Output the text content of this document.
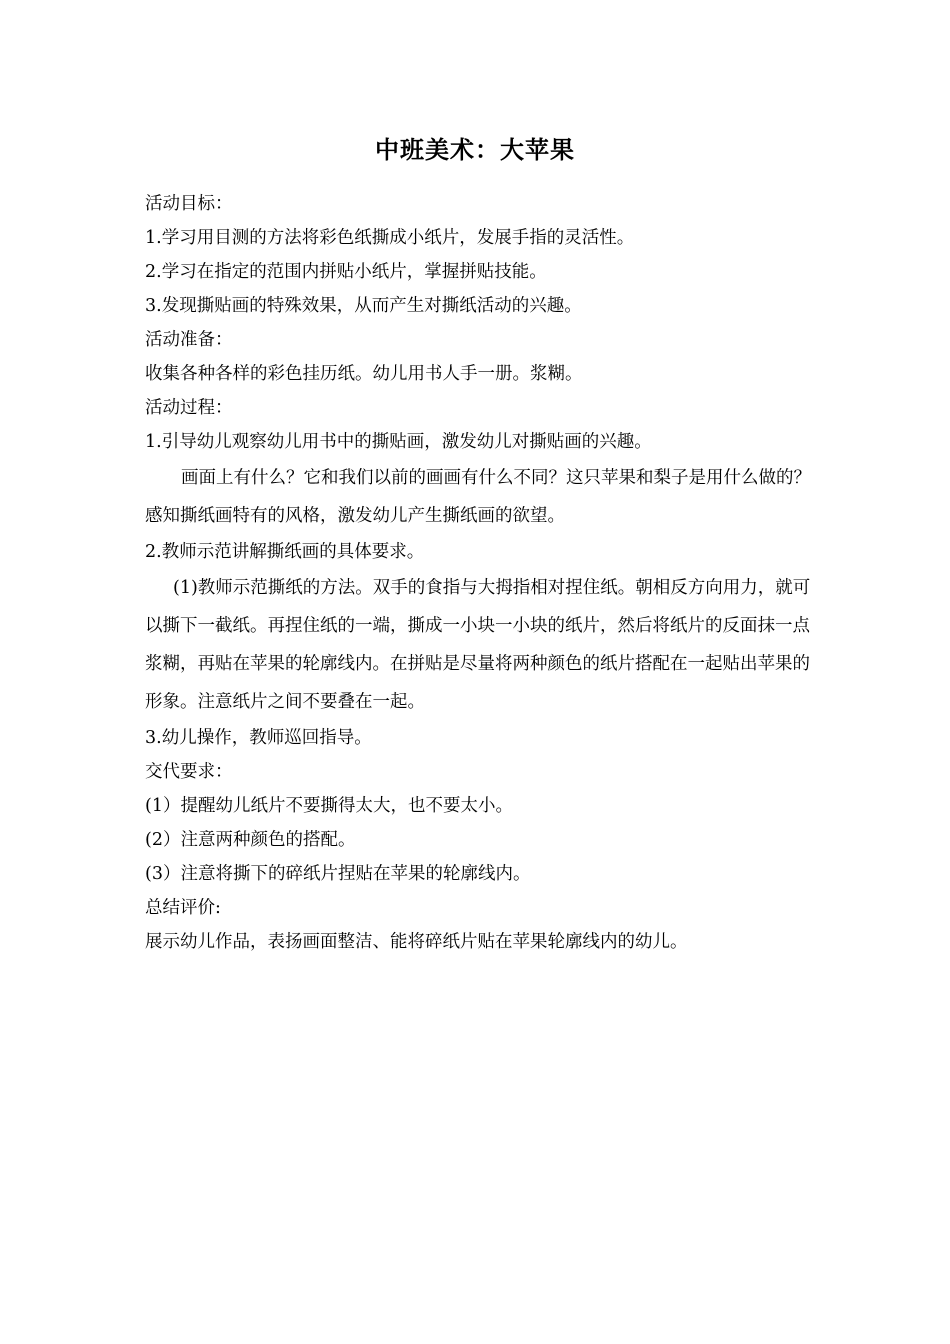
中班美术：大苹果

活动目标：

1.学习用目测的方法将彩色纸撕成小纸片，发展手指的灵活性。

2.学习在指定的范围内拼贴小纸片，掌握拼贴技能。

3.发现撕贴画的特殊效果，从而产生对撕纸活动的兴趣。

活动准备：

收集各种各样的彩色挂历纸。幼儿用书人手一册。浆糊。

活动过程：

1.引导幼儿观察幼儿用书中的撕贴画，激发幼儿对撕贴画的兴趣。

画面上有什么？它和我们以前的画画有什么不同？这只苹果和梨子是用什么做的？感知撕纸画特有的风格，激发幼儿产生撕纸画的欲望。

2.教师示范讲解撕纸画的具体要求。

(1)教师示范撕纸的方法。双手的食指与大拇指相对捏住纸。朝相反方向用力，就可以撕下一截纸。再捏住纸的一端，撕成一小块一小块的纸片，然后将纸片的反面抹一点浆糊，再贴在苹果的轮廓线内。在拼贴是尽量将两种颜色的纸片搭配在一起贴出苹果的形象。注意纸片之间不要叠在一起。

3.幼儿操作，教师巡回指导。

交代要求：

(1）提醒幼儿纸片不要撕得太大，也不要太小。

(2）注意两种颜色的搭配。

(3）注意将撕下的碎纸片捏贴在苹果的轮廓线内。

总结评价:

展示幼儿作品，表扬画面整洁、能将碎纸片贴在苹果轮廓线内的幼儿。
